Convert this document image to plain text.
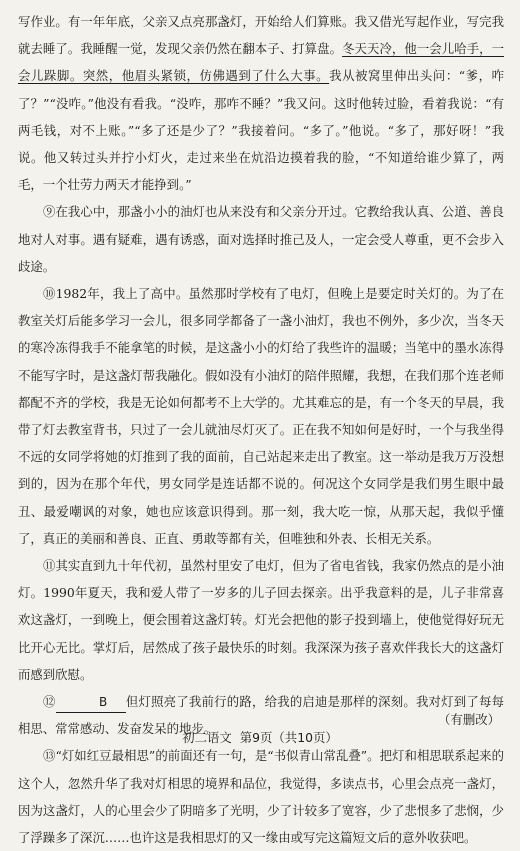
写作业。有一年年底，父亲又点亮那盏灯，开始给人们算账。我又借光写起作业，写完我就去睡了。我睡醒一觉，发现父亲仍然在翻本子、打算盘。冬天天冷，他一会儿哈手，一会儿跺脚。突然，他眉头紧锁，仿佛遇到了什么大事。我从被窝里伸出头问：“爹，咋了？”“没咋。”他没有看我。“没咋，那咋不睡？”我又问。这时他转过脸，看着我说：“有两毛钱，对不上账。”“多了还是少了？”我接着问。“多了。”他说。“多了，那好呀！”我说。他又转过头并拧小灯火，走过来坐在炕沿边摸着我的脸，“不知道给谁少算了，两毛，一个壮劳力两天才能挣到。”

⑨在我心中，那盏小小的油灯也从来没有和父亲分开过。它教给我认真、公道、善良地对人对事。遇有疑难，遇有诱惑，面对选择时推己及人，一定会受人尊重，更不会步入歧途。

⑩1982年，我上了高中。虽然那时学校有了电灯，但晚上是要定时关灯的。为了在教室关灯后能多学习一会儿，很多同学都备了一盏小油灯，我也不例外，多少次，当冬天的寒冷冻得我手不能拿笔的时候，是这盏小小的灯给了我些许的温暖；当笔中的墨水冻得不能写字时，是这盏灯帮我融化。假如没有小油灯的陪伴照耀，我想，在我们那个连老师都配不齐的学校，我是无论如何都考不上大学的。尤其难忘的是，有一个冬天的早晨，我带了灯去教室背书，只过了一会儿就油尽灯灭了。正在我不知如何是好时，一个与我坐得不远的女同学将她的灯推到了我的面前，自己站起来走出了教室。这一举动是我万万没想到的，因为在那个年代，男女同学是连话都不说的。何况这个女同学是我们男生眼中最丑、最爱嘲讽的对象，她也应该意识得到。那一刻，我大吃一惊，从那天起，我似乎懂了，真正的美丽和善良、正直、勇敢等都有关，但唯独和外表、长相无关系。

⑪其实直到九十年代初，虽然村里安了电灯，但为了省电省钱，我家仍然点的是小油灯。1990年夏天，我和爱人带了一岁多的儿子回去探亲。出乎我意料的是，儿子非常喜欢这盏灯，一到晚上，便会围着这盏灯转。灯光会把他的影子投到墙上，使他觉得好玩无比开心无比。掌灯后，居然成了孩子最快乐的时刻。我深深为孩子喜欢伴我长大的这盏灯而感到欣慰。

⑫	B 但灯照亮了我前行的路，给我的启迪是那样的深刻。我对灯到了每每相思、常常感动、发奋发呆的地步。

⑬“灯如红豆最相思”的前面还有一句，是“书似青山常乱叠”。把灯和相思联系起来的这个人，忽然升华了我对灯相思的境界和品位，我觉得，多读点书，心里会点亮一盏灯，因为这盏灯，人的心里会少了阴暗多了光明，少了计较多了宽容，少了悲恨多了悲悯，少了浮躁多了深沉……也许这是我相思灯的又一缘由或写完这篇短文后的意外收获吧。

（有删改）
初二语文 第9页（共10页）
